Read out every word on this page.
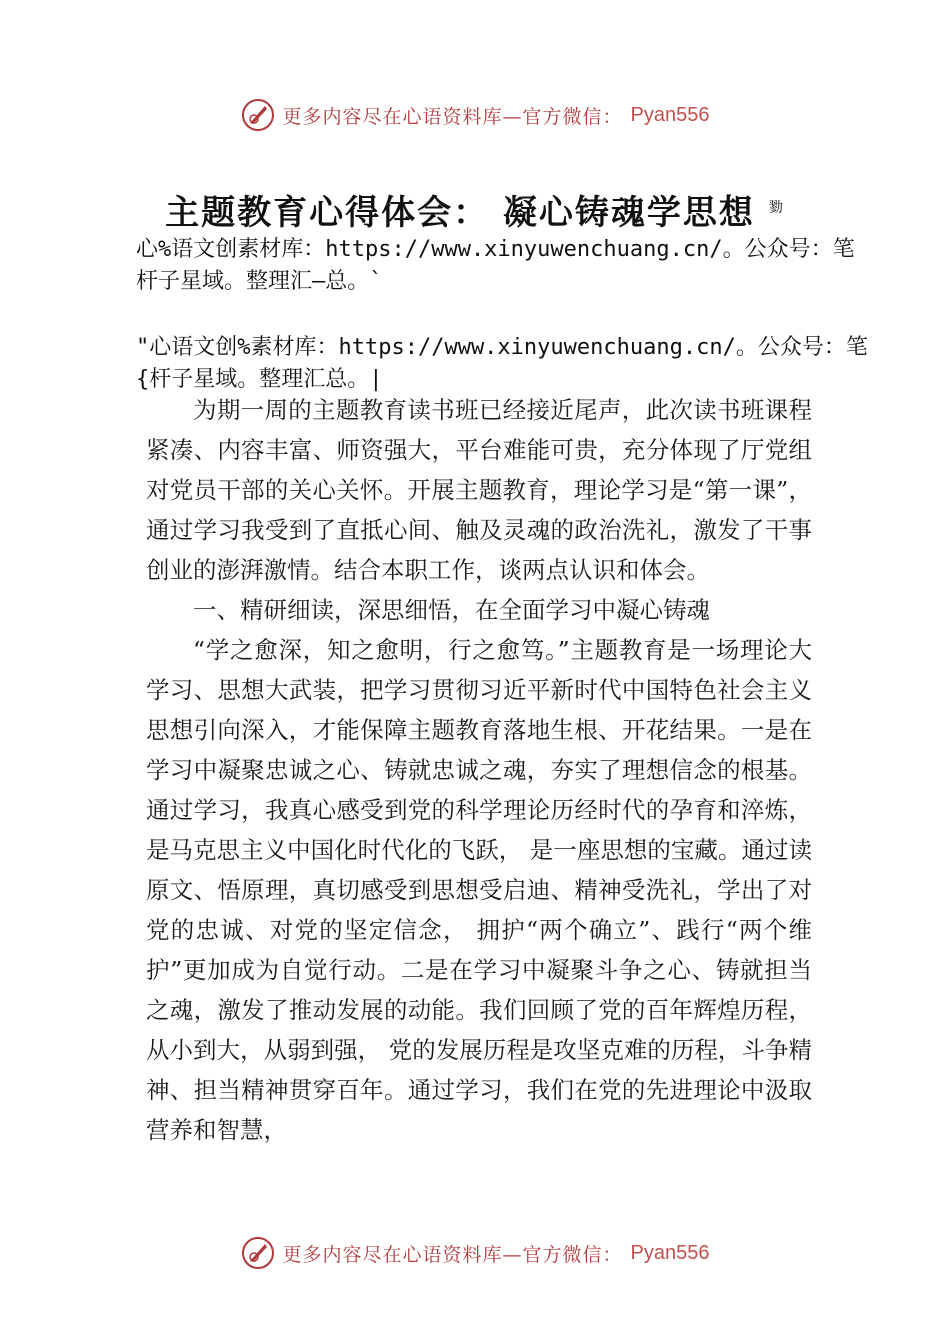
更多内容尽在心语资料库—官方微信： Pyan556
主题教育心得体会： 凝心铸魂学思想 $^勠$
心%语文创素材库：https://www.xinyuwenchuang.cn/。公众号：笔杆子星域。整理汇—总。`
"心语文创%素材库：https://www.xinyuwenchuang.cn/。公众号：笔{杆子星域。整理汇总。|

为期一周的主题教育读书班已经接近尾声，此次读书班课程紧凑、内容丰富、师资强大，平台难能可贵，充分体现了厅党组对党员干部的关心关怀。开展主题教育，理论学习是“第一课”，通过学习我受到了直抵心间、触及灵魂的政治洗礼，激发了干事创业的澎湃激情。结合本职工作，谈两点认识和体会。

一、精研细读，深思细悟，在全面学习中凝心铸魂

“学之愈深，知之愈明，行之愈笃。”主题教育是一场理论大学习、思想大武装，把学习贯彻习近平新时代中国特色社会主义思想引向深入，才能保障主题教育落地生根、开花结果。一是在学习中凝聚忠诚之心、铸就忠诚之魂，夯实了理想信念的根基。通过学习，我真心感受到党的科学理论历经时代的孕育和淬炼，是马克思主义中国化时代化的飞跃， 是一座思想的宝藏。通过读原文、悟原理，真切感受到思想受启迪、精神受洗礼，学出了对党的忠诚、对党的坚定信念， 拥护“两个确立”、践行“两个维护”更加成为自觉行动。二是在学习中凝聚斗争之心、铸就担当之魂，激发了推动发展的动能。我们回顾了党的百年辉煌历程，从小到大，从弱到强， 党的发展历程是攻坚克难的历程，斗争精神、担当精神贯穿百年。通过学习，我们在党的先进理论中汲取营养和智慧，

更多内容尽在心语资料库—官方微信： Pyan556
